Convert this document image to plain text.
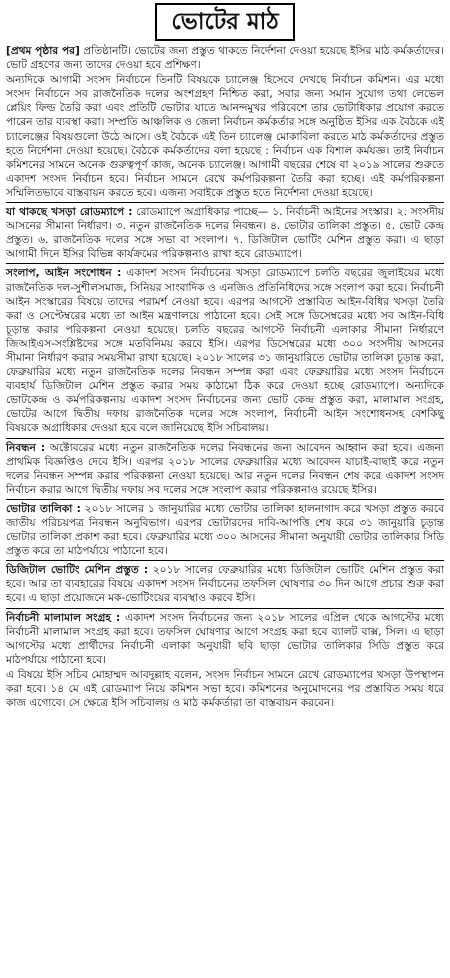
ভোটের মাঠ

[প্রথম পৃষ্ঠার পর] প্রতিষ্ঠানটি। ভোটের জন্য প্রস্তুত থাকতে নির্দেশনা দেওয়া হয়েছে ইসির মাঠ কর্মকর্তাদের। ভোট গ্রহণের জন্য তাদের দেওয়া হবে প্রশিক্ষণ।

অন্যদিকে আগামী সংসদ নির্বাচনে তিনটি বিষয়কে চ্যালেঞ্জ হিসেবে দেখছে নির্বাচন কমিশন। এর মধ্যে সংসদ নির্বাচনে সব রাজনৈতিক দলের অংশগ্রহণ নিশ্চিত করা, সবার জন্য সমান সুযোগ তথা লেভেল প্লেয়িং ফিল্ড তৈরি করা এবং প্রতিটি ভোটার যাতে আনন্দমুখর পরিবেশে তার ভোটাধিকার প্রয়োগ করতে পারেন তার ব্যবস্থা করা। সম্প্রতি আঞ্চলিক ও জেলা নির্বাচন কর্মকর্তার সঙ্গে অনুষ্ঠিত ইসির এক বৈঠকে এই চ্যালেঞ্জের বিষয়গুলো উঠে আসে। ওই বৈঠকে এই তিন চ্যালেঞ্জ মোকাবিলা করতে মাঠ কর্মকর্তাদের প্রস্তুত হতে নির্দেশনা দেওয়া হয়েছে। বৈঠকে কর্মকর্তাদের বলা হয়েছে : নির্বাচন এক বিশাল কর্মযজ্ঞ। তাই নির্বাচন কমিশনের সামনে অনেক গুরুত্বপূর্ণ কাজ, অনেক চ্যালেঞ্জ। আগামী বছরের শেষে বা ২০১৯ সালের শুরুতে একাদশ সংসদ নির্বাচন হবে। নির্বাচন সামনে রেখে কর্মপরিকল্পনা তৈরি করা হচ্ছে। এই কর্মপরিকল্পনা সম্মিলিতভাবে বাস্তবায়ন করতে হবে। এজন্য সবাইকে প্রস্তুত হতে নির্দেশনা দেওয়া হয়েছে।

যা থাকছে খসড়া রোডম্যাপে : রোডম্যাপে অগ্রাধিকার পাচ্ছে— ১. নির্বাচনী আইনের সংস্কার। ২. সংসদীয় আসনের সীমানা নির্ধারণ। ৩. নতুন রাজনৈতিক দলের নিবন্ধন। ৪. ভোটার তালিকা প্রস্তুত। ৫. ভোট কেন্দ্র প্রস্তুত। ৬. রাজনৈতিক দলের সঙ্গে সভা বা সংলাপ। ৭. ডিজিটাল ভোটিং মেশিন প্রস্তুত করা। এ ছাড়া আগামী দিনে ইসির বিভিন্ন কার্যক্রমের পরিকল্পনাও রাখা হবে রোডম্যাপে।

সংলাপ, আইন সংশোধন : একাদশ সংসদ নির্বাচনের খসড়া রোডম্যাপে চলতি বছরের জুলাইয়ের মধ্যে রাজনৈতিক দল-সুশীলসমাজ, সিনিয়র সাংবাদিক ও এনজিও প্রতিনিধিদের সঙ্গে সংলাপ করা হবে। নির্বাচনী আইন সংস্কারের বিষয়ে তাদের পরামর্শ নেওয়া হবে। এরপর আগস্টে প্রস্তাবিত আইন-বিধির খসড়া তৈরি করা ও সেপ্টেম্বরের মধ্যে তা আইন মন্ত্রণালয়ে পাঠানো হবে। সেই সঙ্গে ডিসেম্বরের মধ্যে সব আইন-বিধি চূড়ান্ত করার পরিকল্পনা নেওয়া হয়েছে। চলতি বছরের আগস্টে নির্বাচনী এলাকার সীমানা নির্ধারণে জিআইএস-সংশ্লিষ্টদের সঙ্গে মতবিনিময় করবে ইসি। এরপর ডিসেম্বরের মধ্যে ৩০০ সংসদীয় আসনের সীমানা নির্ধারণ করার সময়সীমা রাখা হয়েছে। ২০১৮ সালের ৩১ জানুয়ারিতে ভোটার তালিকা চূড়ান্ত করা, ফেব্রুয়ারির মধ্যে নতুন রাজনৈতিক দলের নিবন্ধন সম্পন্ন করা এবং ফেব্রুয়ারির মধ্যে সংসদ নির্বাচনে ব্যবহার্য ডিজিটাল মেশিন প্রস্তুত করার সময় কাঠামো ঠিক করে দেওয়া হচ্ছে রোডম্যাপে। অন্যদিকে ভোটকেন্দ্র ও কর্মপরিকল্পনায় একাদশ সংসদ নির্বাচনের জন্য ভোট কেন্দ্র প্রস্তুত করা, মালামাল সংগ্রহ, ভোটের আগে দ্বিতীয় দফায় রাজনৈতিক দলের সঙ্গে সংলাপ, নির্বাচনী আইন সংশোধনসহ বেশকিছু বিষয়কে অগ্রাধিকার দেওয়া হবে বলে জানিয়েছে ইসি সচিবালয়।

নিবন্ধন : অক্টোবরের মধ্যে নতুন রাজনৈতিক দলের নিবন্ধনের জন্য আবেদন আহ্বান করা হবে। এজন্য প্রাথমিক বিজ্ঞপ্তিও দেবে ইসি। এরপর ২০১৮ সালের ফেব্রুয়ারির মধ্যে আবেদন যাচাই-বাছাই করে নতুন দলের নিবন্ধন সম্পন্ন করার পরিকল্পনা নেওয়া হয়েছে। আর নতুন দলের নিবন্ধন শেষ করে একাদশ সংসদ নির্বাচন করার আগে দ্বিতীয় দফায় সব দলের সঙ্গে সংলাপ করার পরিকল্পনাও রয়েছে ইসির।

ভোটার তালিকা : ২০১৮ সালের ১ জানুয়ারির মধ্যে ভোটার তালিকা হালনাগাদ করে খসড়া প্রস্তুত করবে জাতীয় পরিচয়পত্র নিবন্ধন অনুবিভাগ। এরপর ভোটারদের দাবি-আপত্তি শেষ করে ৩১ জানুয়ারি চূড়ান্ত ভোটার তালিকা প্রকাশ করা হবে। ফেব্রুয়ারির মধ্যে ৩০০ আসনের সীমানা অনুযায়ী ভোটার তালিকার সিডি প্রস্তুত করে তা মাঠপর্যায়ে পাঠানো হবে।

ডিজিটাল ভোটিং মেশিন প্রস্তুত : ২০১৮ সালের ফেব্রুয়ারির মধ্যে ডিজিটাল ভোটিং মেশিন প্রস্তুত করা হবে। আর তা ব্যবহারের বিষয়ে একাদশ সংসদ নির্বাচনের তফসিল ঘোষণার ৩০ দিন আগে প্রচার শুরু করা হবে। এ ছাড়া প্রয়োজনে মক-ভোটিংয়ের ব্যবস্থাও করবে ইসি।

নির্বাচনী মালামাল সংগ্রহ : একাদশ সংসদ নির্বাচনের জন্য ২০১৮ সালের এপ্রিল থেকে আগস্টের মধ্যে নির্বাচনী মালামাল সংগ্রহ করা হবে। তফসিল ঘোষণার আগে সংগ্রহ করা হবে ব্যালট বাক্স, সিল। এ ছাড়া আগস্টের মধ্যে প্রার্থীদের নির্বাচনী এলাকা অনুযায়ী ছবি ছাড়া ভোটার তালিকার সিডি প্রস্তুত করে মাঠপর্যায়ে পাঠানো হবে।

এ বিষয়ে ইসি সচিব মোহাম্মদ আবদুল্লাহ বলেন, সংসদ নির্বাচন সামনে রেখে রোডম্যাপের খসড়া উপস্থাপন করা হবে। ১৪ মে এই রোডম্যাপ নিয়ে কমিশন সভা হবে। কমিশনের অনুমোদনের পর প্রস্তাবিত সময় ধরে কাজ এগোবে। সে ক্ষেত্রে ইসি সচিবালয় ও মাঠ কর্মকর্তারা তা বাস্তবায়ন করবেন।
